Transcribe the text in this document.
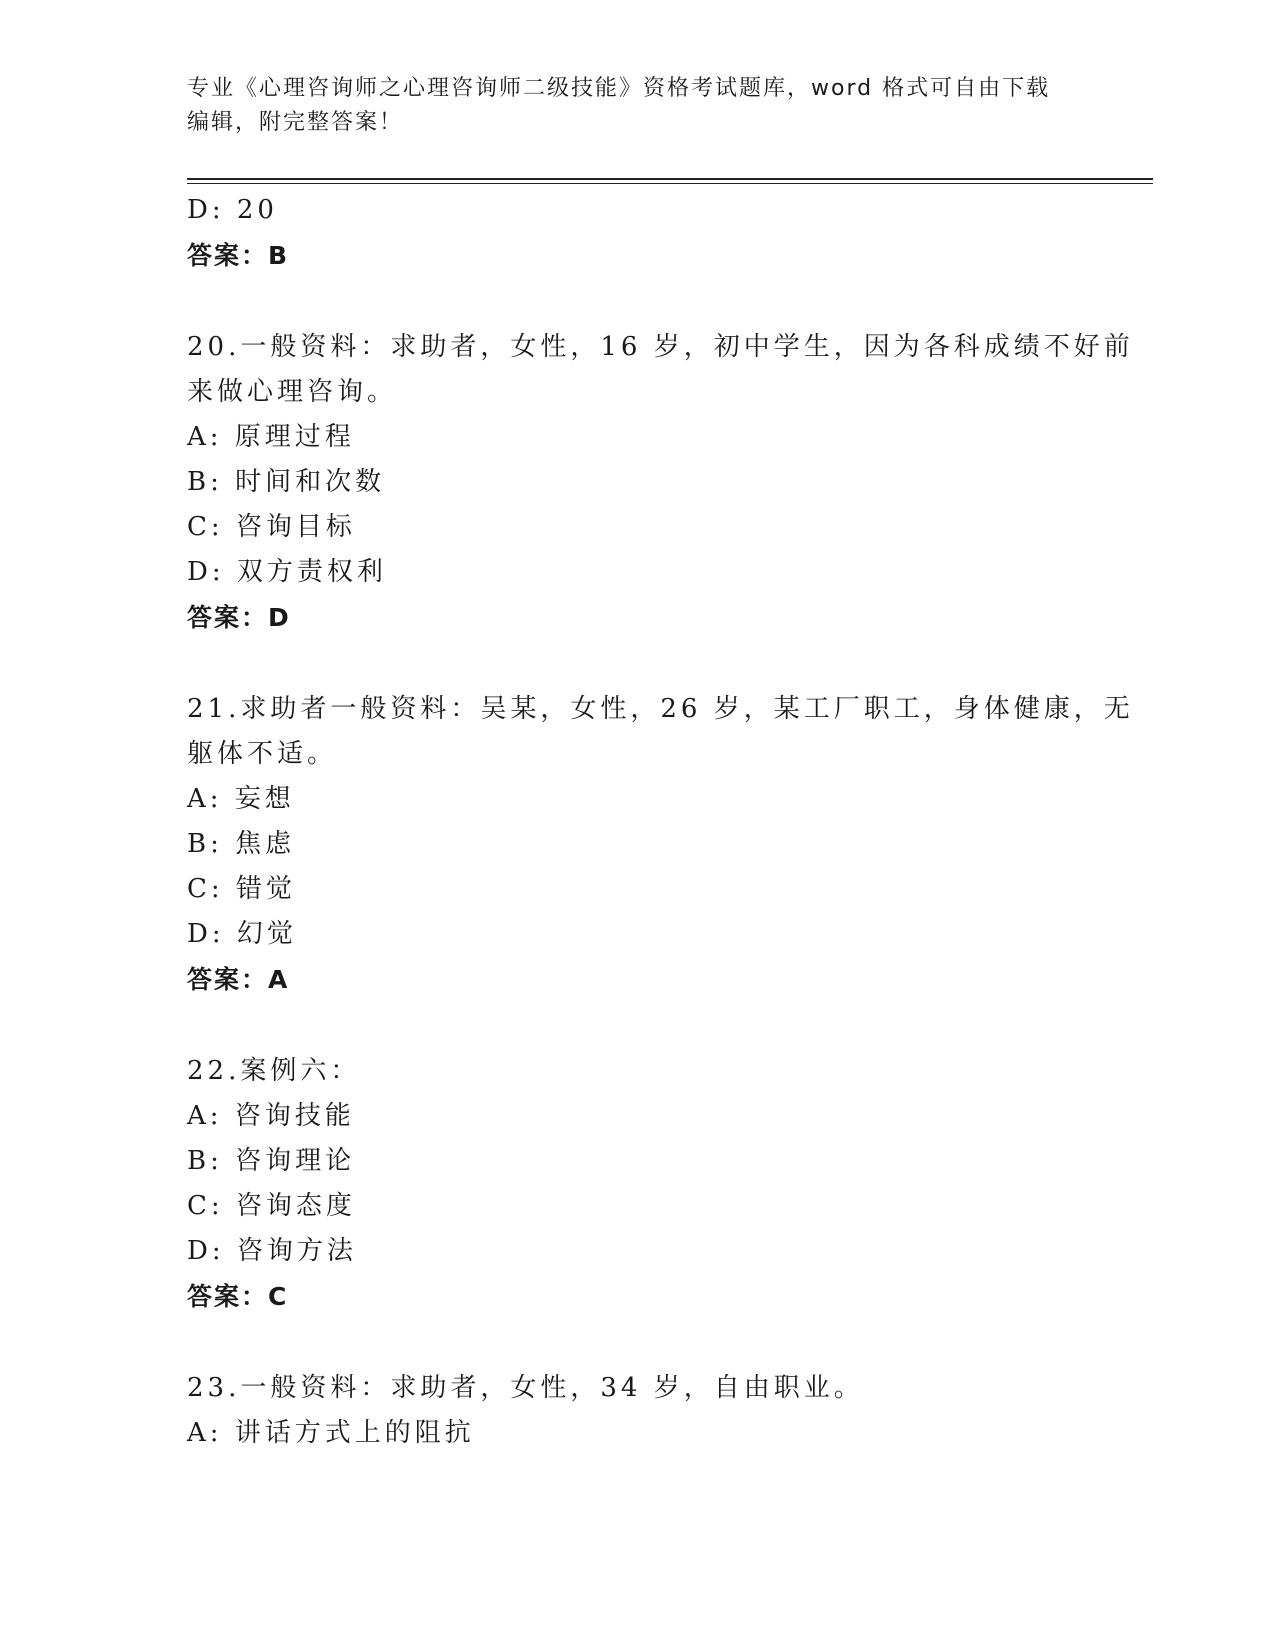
专业《心理咨询师之心理咨询师二级技能》资格考试题库，word 格式可自由下载
编辑，附完整答案！
D: 20
答案：B
20.一般资料：求助者，女性，16 岁，初中学生，因为各科成绩不好前
来做心理咨询。
A: 原理过程
B: 时间和次数
C: 咨询目标
D: 双方责权利
答案：D
21.求助者一般资料：吴某，女性，26 岁，某工厂职工，身体健康，无
躯体不适。
A: 妄想
B: 焦虑
C: 错觉
D: 幻觉
答案：A
22.案例六：
A: 咨询技能
B: 咨询理论
C: 咨询态度
D: 咨询方法
答案：C
23.一般资料：求助者，女性，34 岁，自由职业。
A: 讲话方式上的阻抗
